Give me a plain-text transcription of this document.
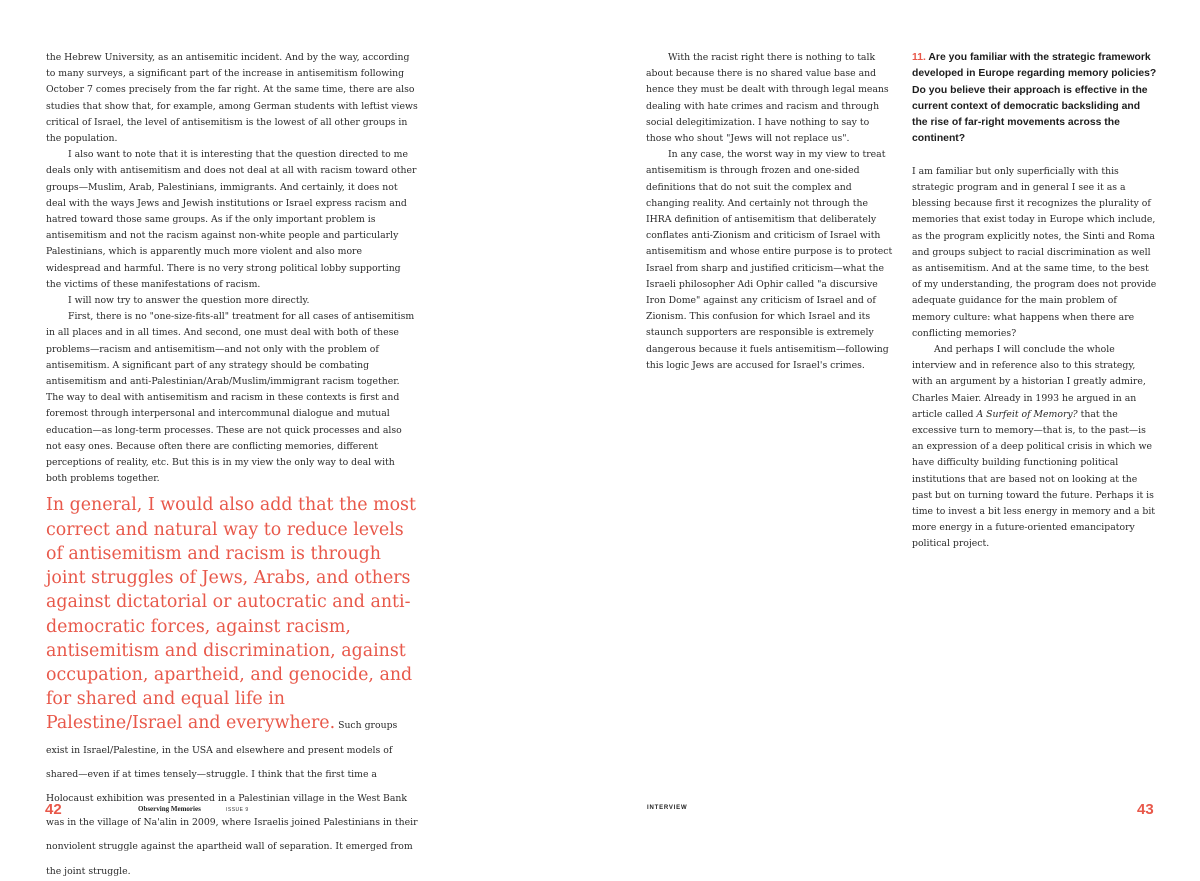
the Hebrew University, as an antisemitic incident. And by the way, according to many surveys, a significant part of the increase in antisemitism following October 7 comes precisely from the far right. At the same time, there are also studies that show that, for example, among German students with leftist views critical of Israel, the level of antisemitism is the lowest of all other groups in the population.

I also want to note that it is interesting that the question directed to me deals only with antisemitism and does not deal at all with racism toward other groups—Muslim, Arab, Palestinians, immigrants. And certainly, it does not deal with the ways Jews and Jewish institutions or Israel express racism and hatred toward those same groups. As if the only important problem is antisemitism and not the racism against non-white people and particularly Palestinians, which is apparently much more violent and also more widespread and harmful. There is no very strong political lobby supporting the victims of these manifestations of racism.

I will now try to answer the question more directly.

First, there is no "one-size-fits-all" treatment for all cases of antisemitism in all places and in all times. And second, one must deal with both of these problems—racism and antisemitism—and not only with the problem of antisemitism. A significant part of any strategy should be combating antisemitism and anti-Palestinian/Arab/Muslim/immigrant racism together. The way to deal with antisemitism and racism in these contexts is first and foremost through interpersonal and intercommunal dialogue and mutual education—as long-term processes. These are not quick processes and also not easy ones. Because often there are conflicting memories, different perceptions of reality, etc. But this is in my view the only way to deal with both problems together.

In general, I would also add that the most correct and natural way to reduce levels of antisemitism and racism is through joint struggles of Jews, Arabs, and others against dictatorial or autocratic and anti-democratic forces, against racism, antisemitism and discrimination, against occupation, apartheid, and genocide, and for shared and equal life in Palestine/Israel and everywhere. Such groups exist in Israel/Palestine, in the USA and elsewhere and present models of shared—even if at times tensely—struggle. I think that the first time a Holocaust exhibition was presented in a Palestinian village in the West Bank was in the village of Na'alin in 2009, where Israelis joined Palestinians in their nonviolent struggle against the apartheid wall of separation. It emerged from the joint struggle.

With the racist right there is nothing to talk about because there is no shared value base and hence they must be dealt with through legal means dealing with hate crimes and racism and through social delegitimization. I have nothing to say to those who shout "Jews will not replace us".

In any case, the worst way in my view to treat antisemitism is through frozen and one-sided definitions that do not suit the complex and changing reality. And certainly not through the IHRA definition of antisemitism that deliberately conflates anti-Zionism and criticism of Israel with antisemitism and whose entire purpose is to protect Israel from sharp and justified criticism—what the Israeli philosopher Adi Ophir called "a discursive Iron Dome" against any criticism of Israel and of Zionism. This confusion for which Israel and its staunch supporters are responsible is extremely dangerous because it fuels antisemitism—following this logic Jews are accused for Israel's crimes.

11. Are you familiar with the strategic framework developed in Europe regarding memory policies? Do you believe their approach is effective in the current context of democratic backsliding and the rise of far-right movements across the continent?

I am familiar but only superficially with this strategic program and in general I see it as a blessing because first it recognizes the plurality of memories that exist today in Europe which include, as the program explicitly notes, the Sinti and Roma and groups subject to racial discrimination as well as antisemitism. And at the same time, to the best of my understanding, the program does not provide adequate guidance for the main problem of memory culture: what happens when there are conflicting memories?

And perhaps I will conclude the whole interview and in reference also to this strategy, with an argument by a historian I greatly admire, Charles Maier. Already in 1993 he argued in an article called A Surfeit of Memory? that the excessive turn to memory—that is, to the past—is an expression of a deep political crisis in which we have difficulty building functioning political institutions that are based not on looking at the past but on turning toward the future. Perhaps it is time to invest a bit less energy in memory and a bit more energy in a future-oriented emancipatory political project.

42	Observing Memories	ISSUE 9	INTERVIEW	43
